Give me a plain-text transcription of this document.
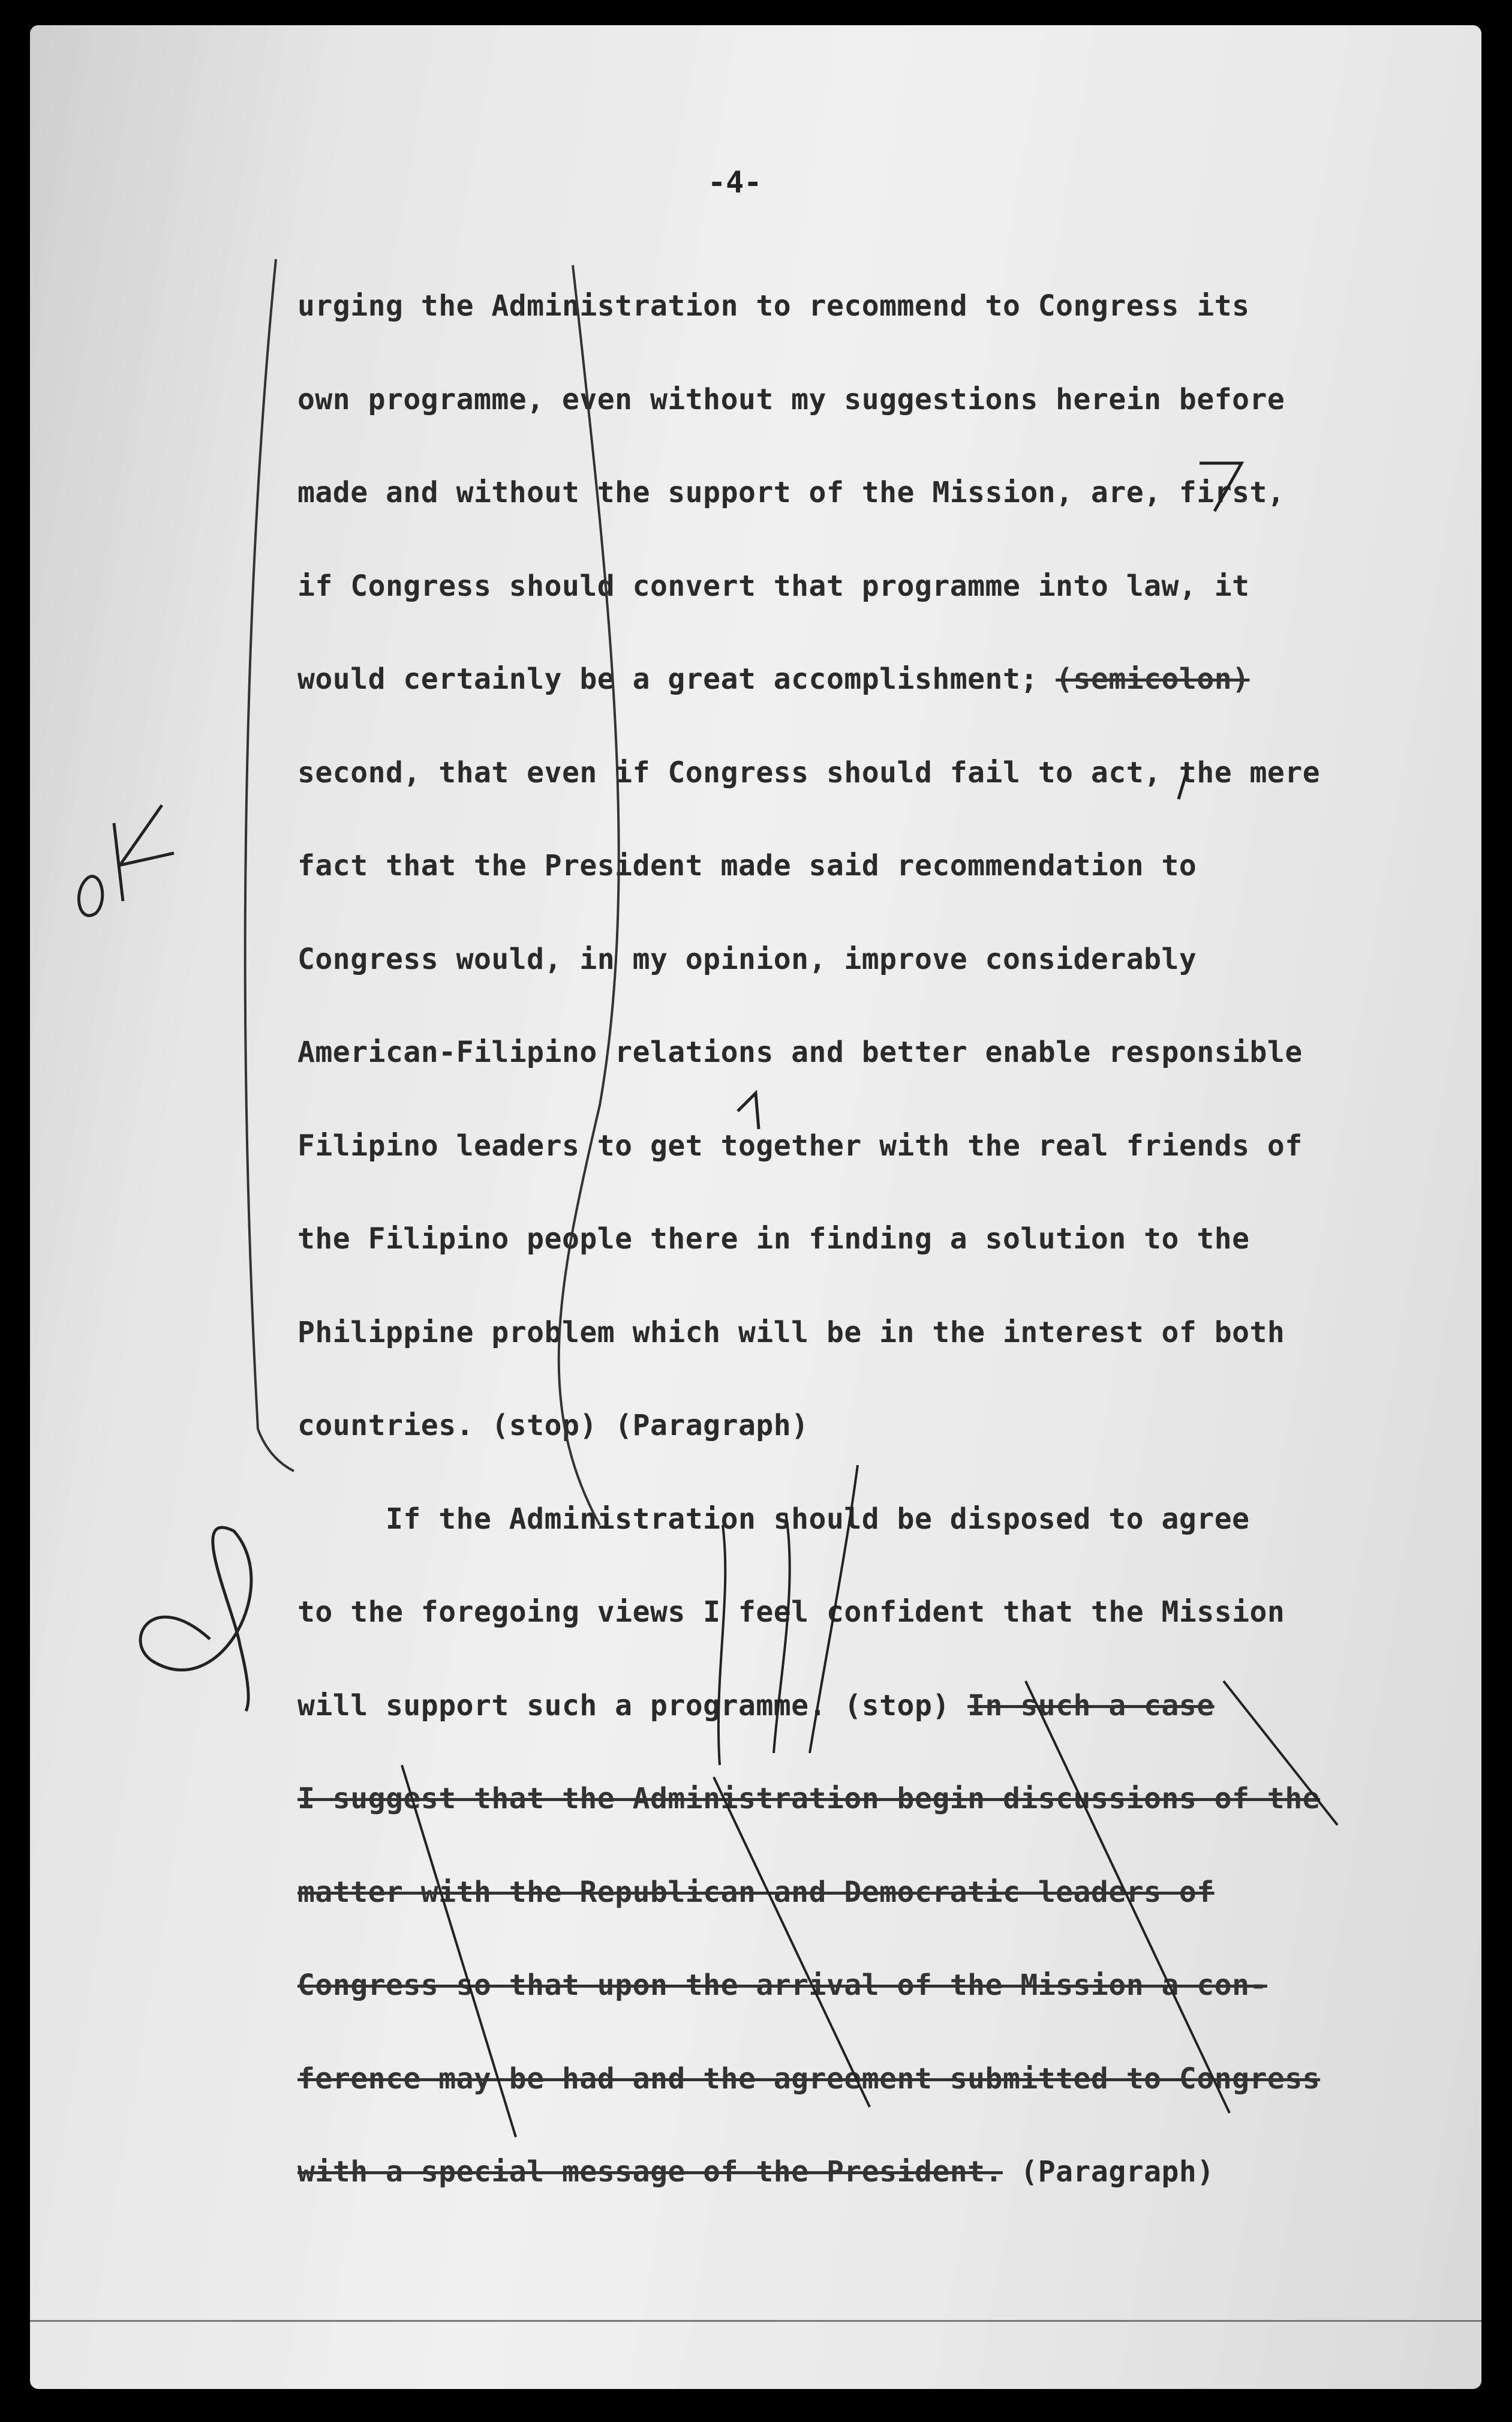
-4-
urging the Administration to recommend to Congress its
own programme, even without my suggestions herein before
made and without the support of the Mission, are, first,
if Congress should convert that programme into law, it
would certainly be a great accomplishment; (semicolon)
second, that even if Congress should fail to act, the mere
fact that the President made said recommendation to
Congress would, in my opinion, improve considerably
American-Filipino relations and better enable responsible
Filipino leaders to get together with the real friends of
the Filipino people there in finding a solution to the
Philippine problem which will be in the interest of both
countries. (stop) (Paragraph)
If the Administration should be disposed to agree
to the foregoing views I feel confident that the Mission
will support such a programme. (stop) In such a case
I suggest that the Administration begin discussions of the
matter with the Republican and Democratic leaders of
Congress so that upon the arrival of the Mission a con-
ference may be had and the agreement submitted to Congress
with a special message of the President. (Paragraph)
